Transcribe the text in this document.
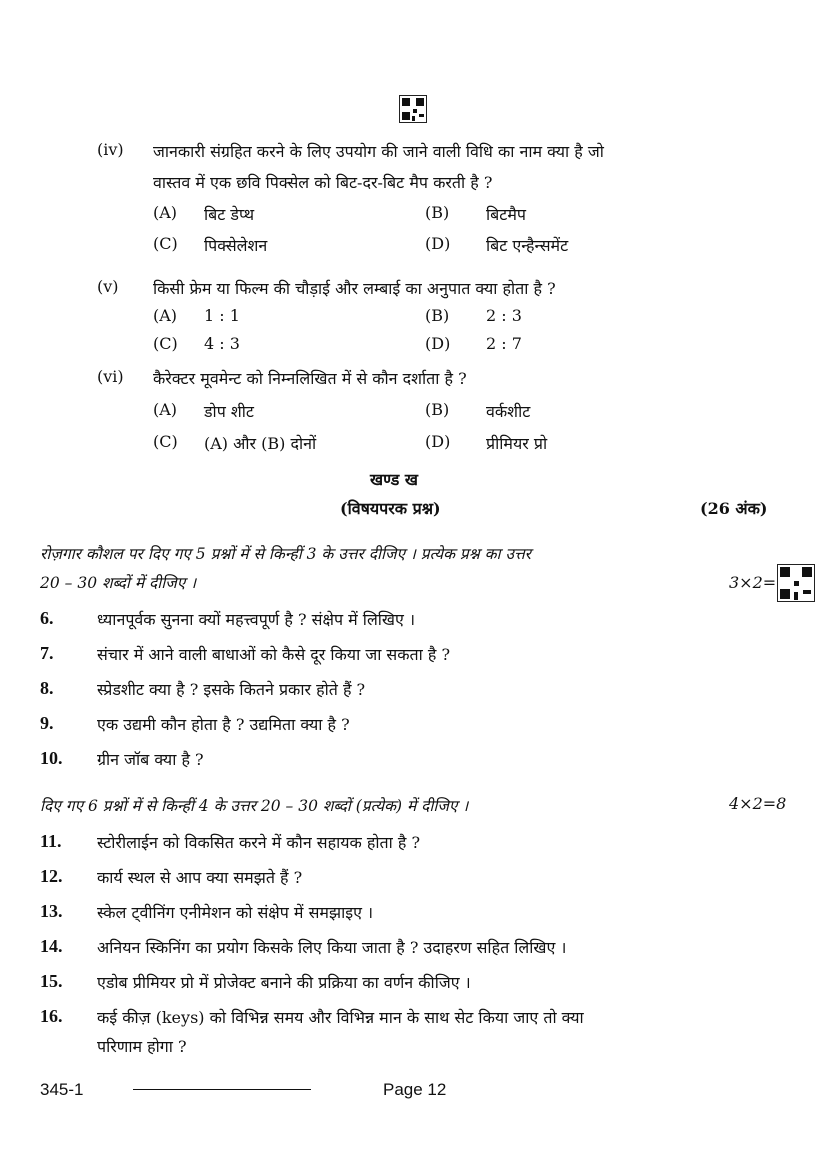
(iv) जानकारी संग्रहित करने के लिए उपयोग की जाने वाली विधि का नाम क्या है जो
वास्तव में एक छवि पिक्सेल को बिट-दर-बिट मैप करती है ?
(A) बिट डेप्थ	(B) बिटमैप
(C) पिक्सेलेशन	(D) बिट एन्हैन्समेंट
(v) किसी फ्रेम या फिल्म की चौड़ाई और लम्बाई का अनुपात क्या होता है ?
(A) 1 : 1	(B) 2 : 3
(C) 4 : 3	(D) 2 : 7
(vi) कैरेक्टर मूवमेन्ट को निम्नलिखित में से कौन दर्शाता है ?
(A) डोप शीट	(B) वर्कशीट
(C) (A) और (B) दोनों	(D) प्रीमियर प्रो
खण्ड ख
(विषयपरक प्रश्न)	(26 अंक)
रोज़गार कौशल पर दिए गए 5 प्रश्नों में से किन्हीं 3 के उत्तर दीजिए । प्रत्येक प्रश्न का उत्तर
20 – 30 शब्दों में दीजिए ।	3×2=
6.	ध्यानपूर्वक सुनना क्यों महत्त्वपूर्ण है ? संक्षेप में लिखिए ।
7.	संचार में आने वाली बाधाओं को कैसे दूर किया जा सकता है ?
8.	स्प्रेडशीट क्या है ? इसके कितने प्रकार होते हैं ?
9.	एक उद्यमी कौन होता है ? उद्यमिता क्या है ?
10. ग्रीन जॉब क्या है ?
दिए गए 6 प्रश्नों में से किन्हीं 4 के उत्तर 20 – 30 शब्दों (प्रत्येक) में दीजिए ।	4×2=8
11. स्टोरीलाईन को विकसित करने में कौन सहायक होता है ?
12. कार्य स्थल से आप क्या समझते हैं ?
13. स्केल ट्वीनिंग एनीमेशन को संक्षेप में समझाइए ।
14. अनियन स्किनिंग का प्रयोग किसके लिए किया जाता है ? उदाहरण सहित लिखिए ।
15. एडोब प्रीमियर प्रो में प्रोजेक्ट बनाने की प्रक्रिया का वर्णन कीजिए ।
16. कई कीज़ (keys) को विभिन्न समय और विभिन्न मान के साथ सेट किया जाए तो क्या
परिणाम होगा ?
345-1	Page 12
